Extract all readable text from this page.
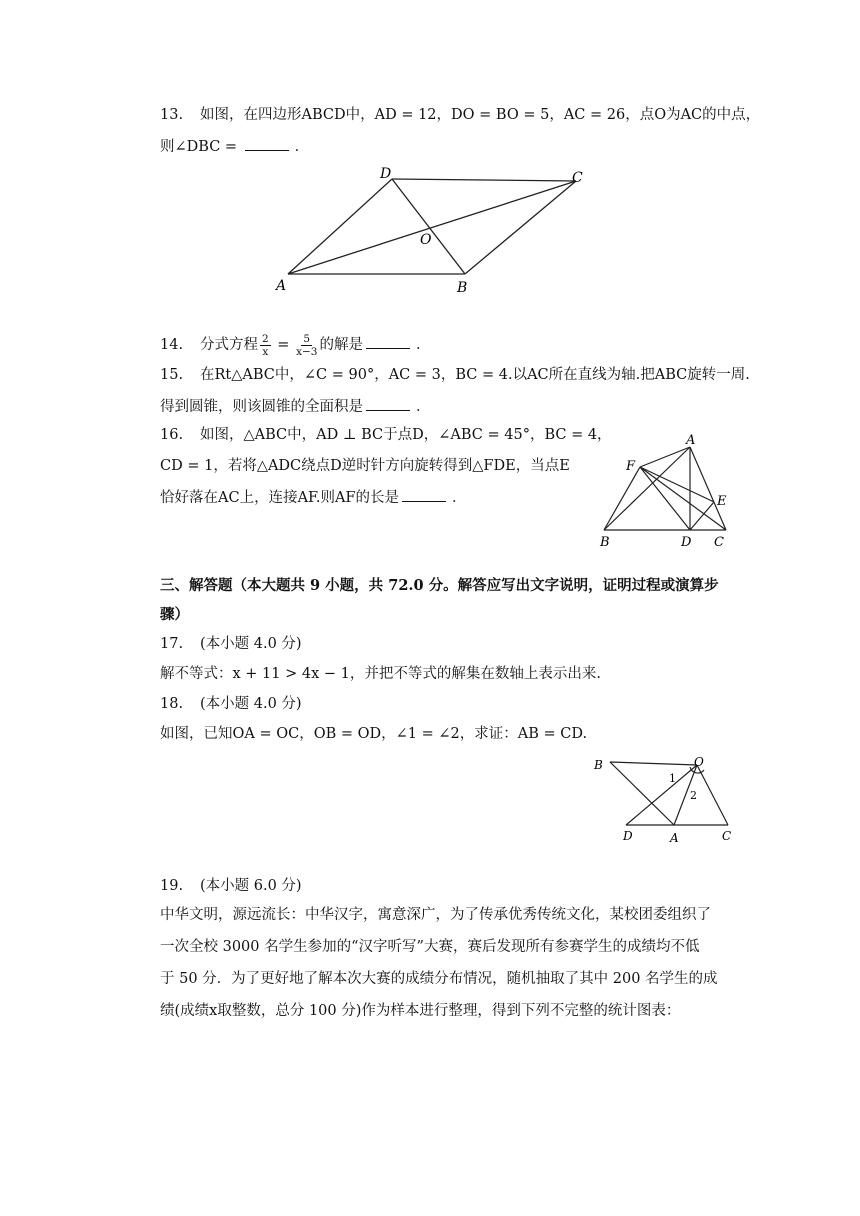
13. 如图，在四边形ABCD中，AD = 12，DO = BO = 5，AC = 26，点O为AC的中点，
则∠DBC =	．
D	C
O
A	B
14. 分式方程 $\frac{2}{x} = \frac{5}{x-3}$ 的解是	．
15. 在Rt△ABC中，∠C = 90°，AC = 3，BC = 4.以AC所在直线为轴.把ABC旋转一周.
得到圆锥，则该圆锥的全面积是	．
16. 如图，△ABC中，AD ⊥ BC于点D，∠ABC = 45°，BC = 4，
CD = 1，若将△ADC绕点D逆时针方向旋转得到△FDE，当点E
恰好落在AC上，连接AF.则AF的长是	．
A
F
E
B	D C
三、解答题（本大题共 9 小题，共 72.0 分。解答应写出文字说明，证明过程或演算步
骤）
17. (本小题 4.0 分)
解不等式：x + 11 > 4x − 1，并把不等式的解集在数轴上表示出来.
18. (本小题 4.0 分)
如图，已知OA = OC，OB = OD，∠1 = ∠2，求证：AB = CD.
B	O
1
2
D	A	C
19. (本小题 6.0 分)
中华文明，源远流长：中华汉字，寓意深广，为了传承优秀传统文化，某校团委组织了
一次全校 3000 名学生参加的“汉字听写”大赛，赛后发现所有参赛学生的成绩均不低
于 50 分．为了更好地了解本次大赛的成绩分布情况，随机抽取了其中 200 名学生的成
绩(成绩x取整数，总分 100 分)作为样本进行整理，得到下列不完整的统计图表：
